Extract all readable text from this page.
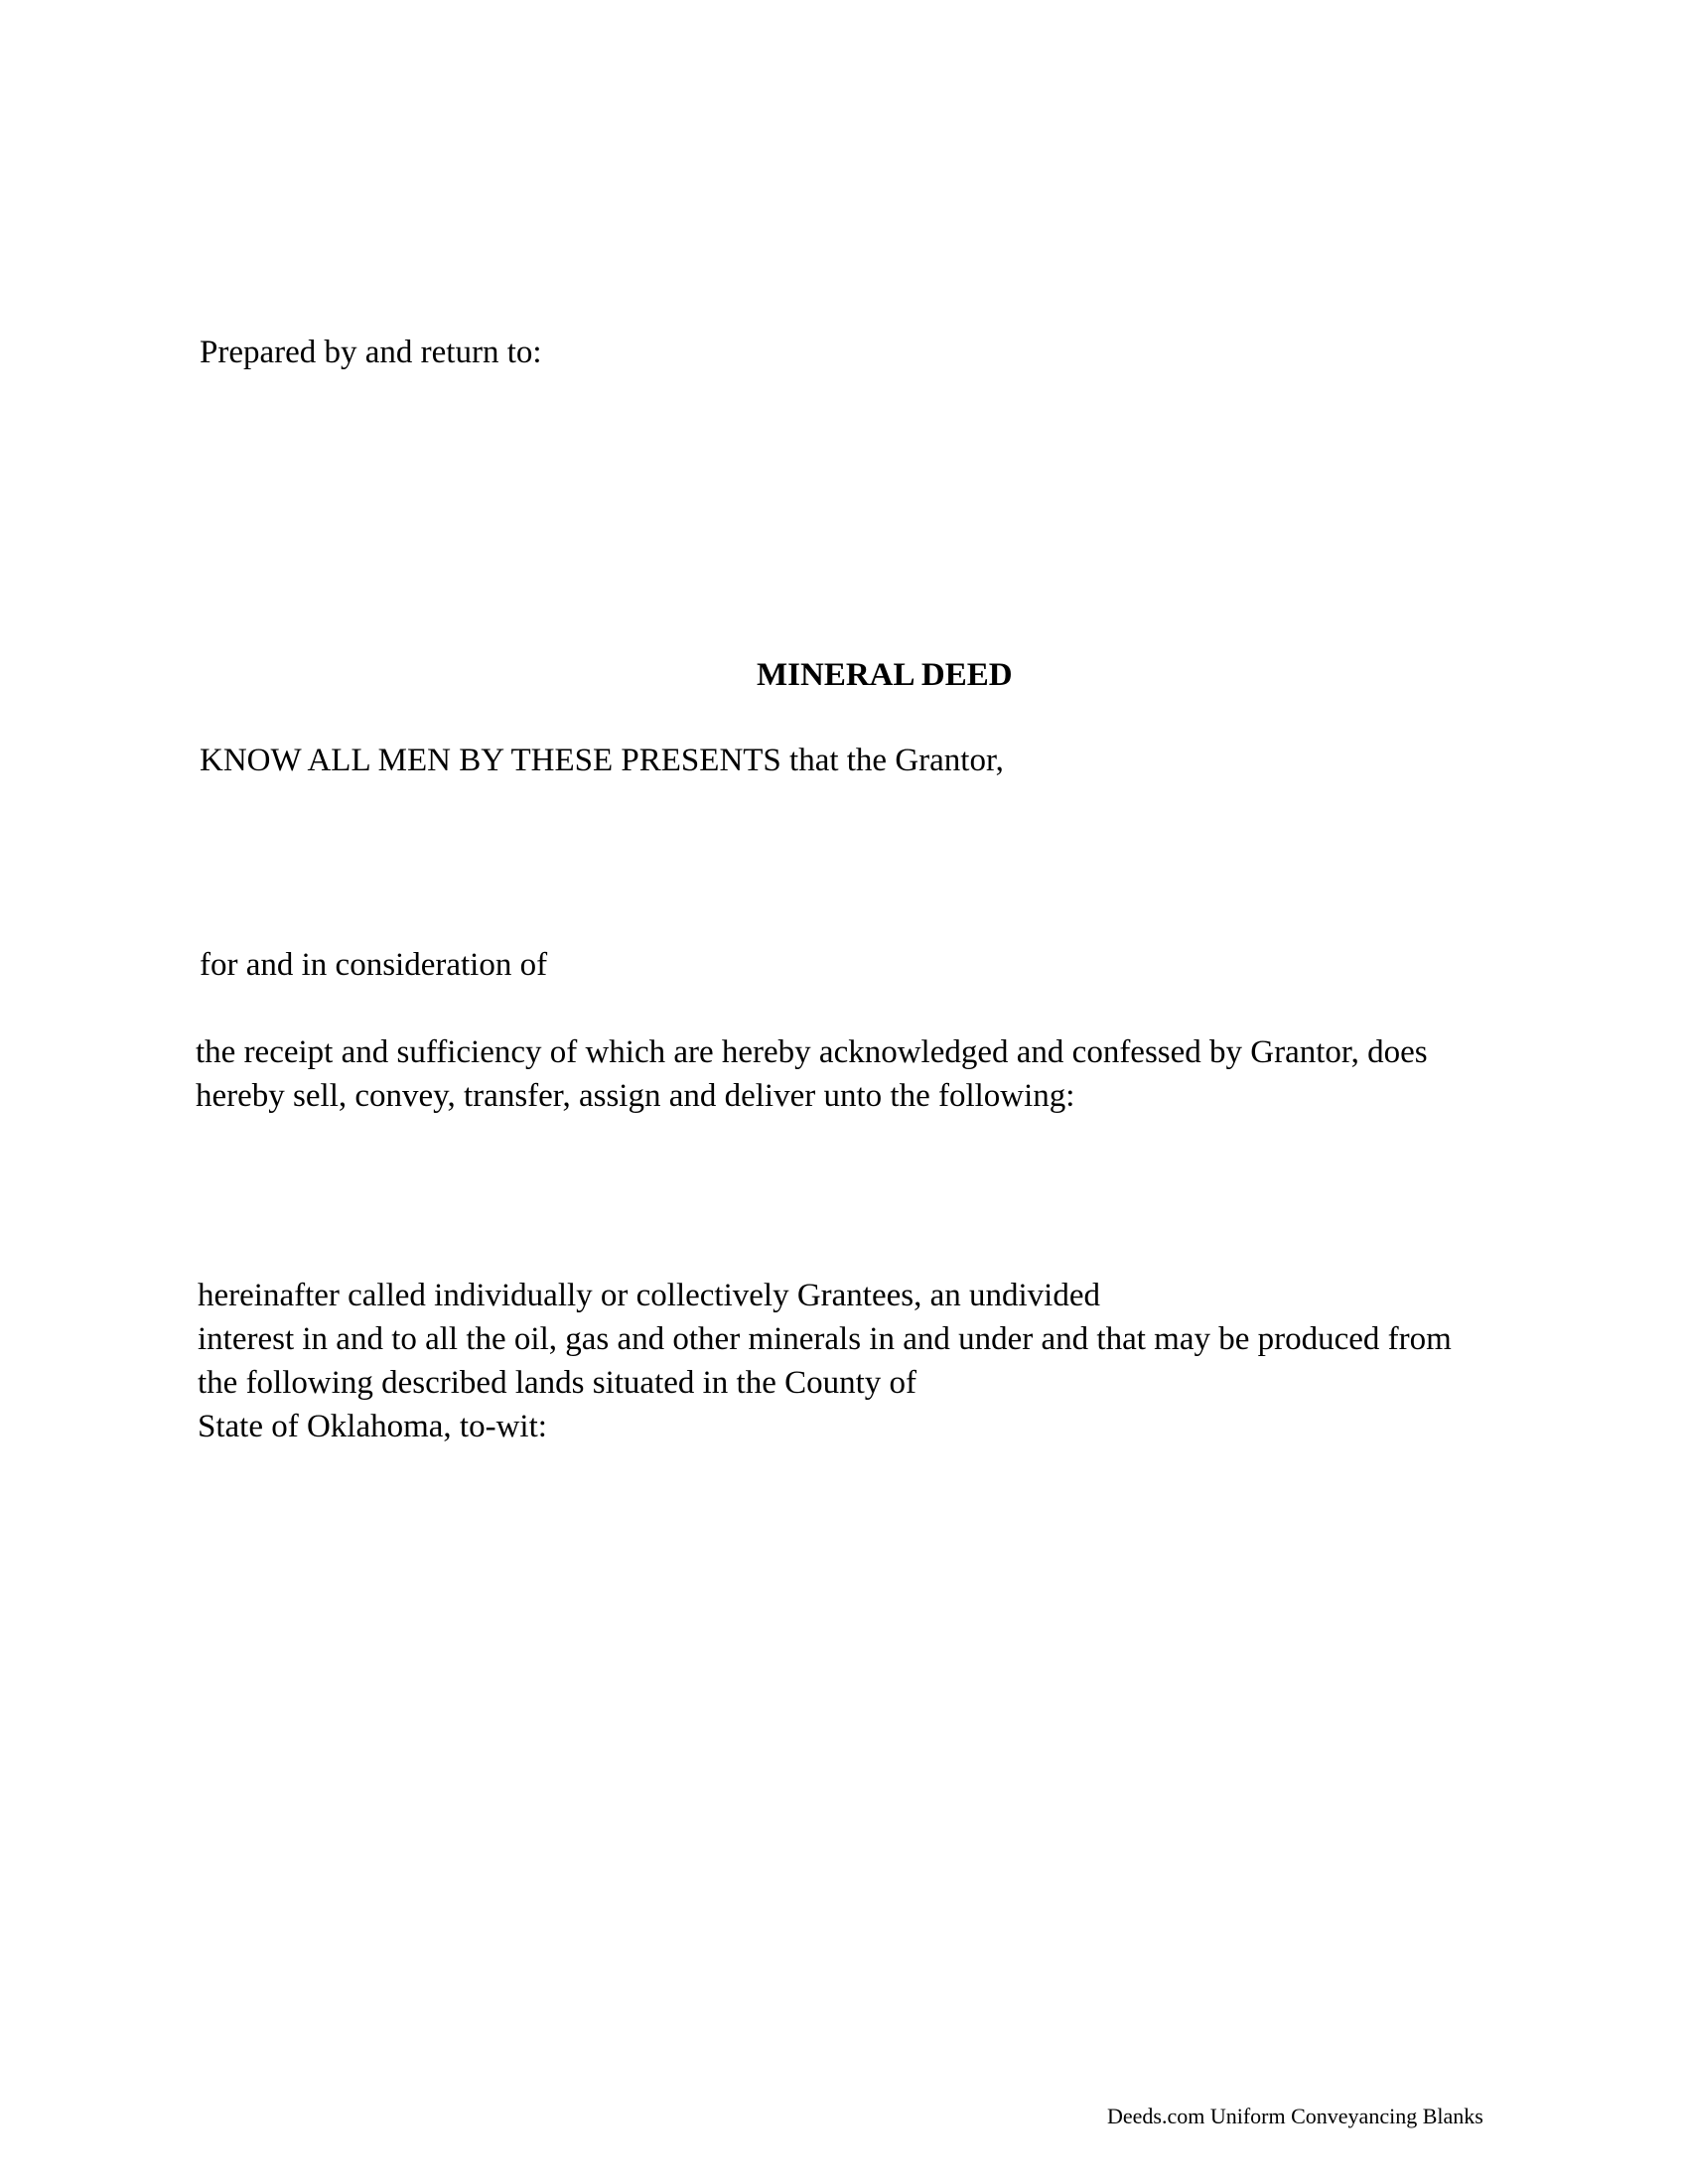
Prepared by and return to:

MINERAL DEED

KNOW ALL MEN BY THESE PRESENTS that the Grantor,

for and in consideration of

the receipt and sufficiency of which are hereby acknowledged and confessed by Grantor, does

hereby sell, convey, transfer, assign and deliver unto the following:

hereinafter called individually or collectively Grantees, an undivided

interest in and to all the oil, gas and other minerals in and under and that may be produced from

the following described lands situated in the County of

State of Oklahoma, to-wit:

Deeds.com Uniform Conveyancing Blanks
